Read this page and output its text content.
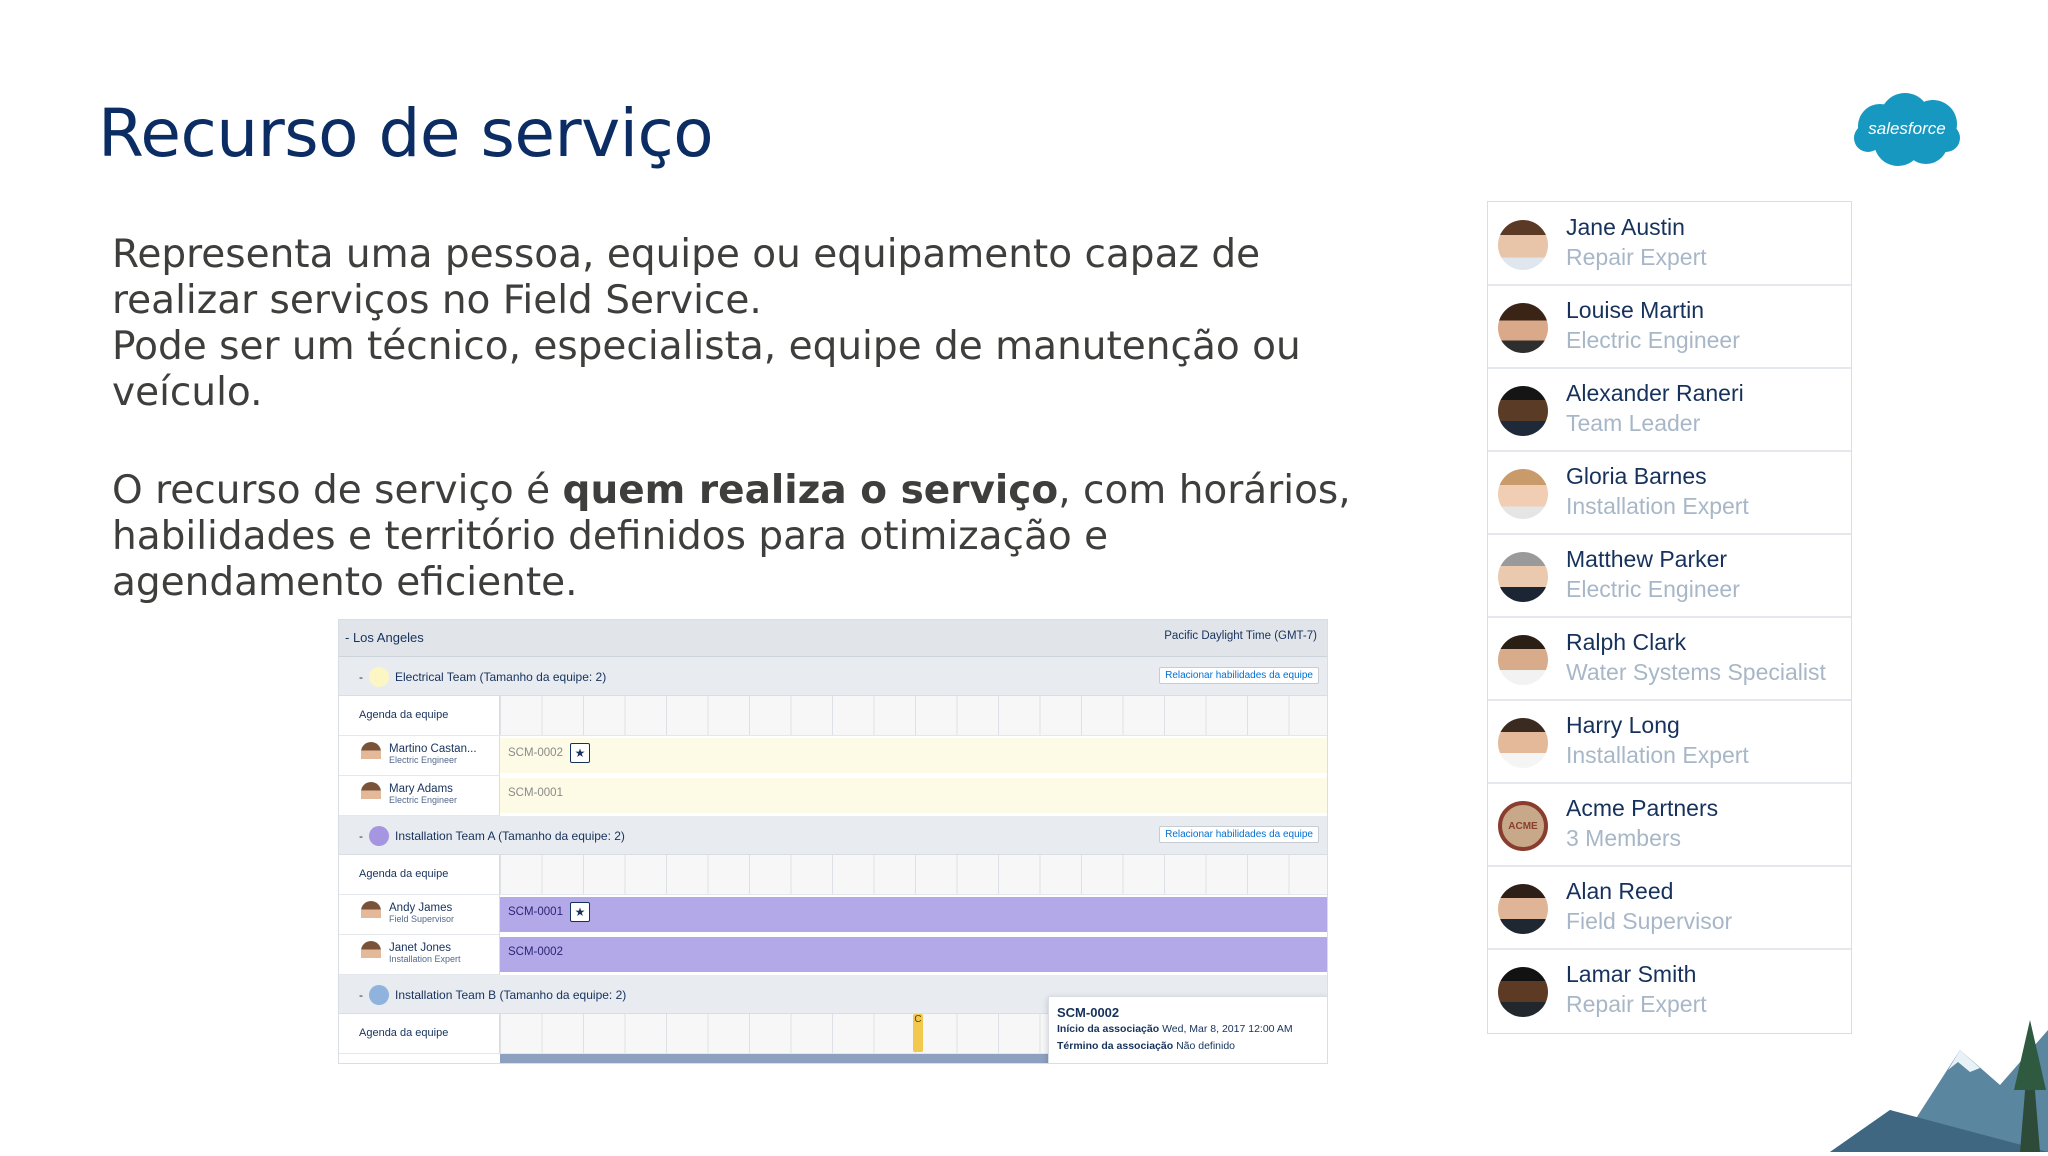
Recurso de serviço	salesforce

Representa uma pessoa, equipe ou equipamento capaz de realizar serviços no Field Service.

Pode ser um técnico, especialista, equipe de manutenção ou veículo.

O recurso de serviço é quem realiza o serviço, com horários, habilidades e território definidos para otimização e agendamento eficiente.

- Los Angeles	Pacific Daylight Time (GMT-7)
-	Electrical Team (Tamanho da equipe: 2)	Relacionar habilidades da equipe
Agenda da equipe
Martino Castan...
Electric Engineer
SCM-0002 ★
Mary Adams
Electric Engineer
SCM-0001
-	Installation Team A (Tamanho da equipe: 2)	Relacionar habilidades da equipe
Agenda da equipe
Andy James
Field Supervisor
SCM-0001 ★
Janet Jones
Installation Expert
SCM-0002
-	Installation Team B (Tamanho da equipe: 2)
Agenda da equipe
C	SCM-0002
Início da associação Wed, Mar 8, 2017 12:00 AM
Término da associação Não definido
Jane Austin
Repair Expert
Louise Martin
Electric Engineer
Alexander Raneri
Team Leader
Gloria Barnes
Installation Expert
Matthew Parker
Electric Engineer
Ralph Clark
Water Systems Specialist
Harry Long
Installation Expert
ACME
Acme Partners
3 Members
Alan Reed
Field Supervisor
Lamar Smith
Repair Expert
